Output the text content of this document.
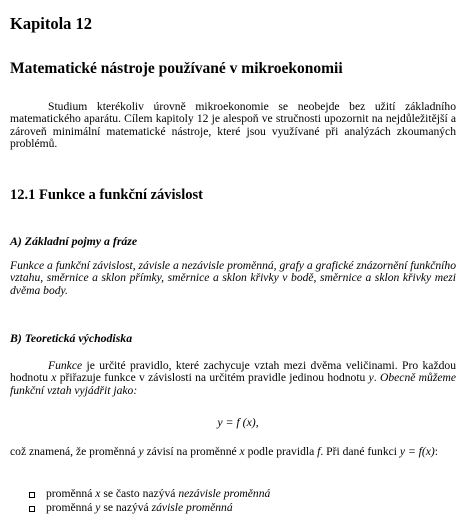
Kapitola 12
Matematické nástroje používané v mikroekonomii

Studium kterékoliv úrovně mikroekonomie se neobejde bez užití základního matematického aparátu. Cílem kapitoly 12 je alespoň ve stručnosti upozornit na nejdůležitější a zároveň minimální matematické nástroje, které jsou využívané při analýzách zkoumaných problémů.

12.1 Funkce a funkční závislost
A) Základní pojmy a fráze

Funkce a funkční závislost, závisle a nezávisle proměnná, grafy a grafické znázornění funkčního vztahu, směrnice a sklon přímky, směrnice a sklon křivky v bodě, směrnice a sklon křivky mezi dvěma body.

B) Teoretická východiska

Funkce je určité pravidlo, které zachycuje vztah mezi dvěma veličinami. Pro každou hodnotu x přiřazuje funkce v závislosti na určitém pravidle jedinou hodnotu y. Obecně můžeme funkční vztah vyjádřit jako:

y = f (x),

což znamená, že proměnná y závisí na proměnné x podle pravidla f. Při dané funkci y = f(x):

proměnná x se často nazývá nezávisle proměnná
proměnná y se nazývá závisle proměnná
